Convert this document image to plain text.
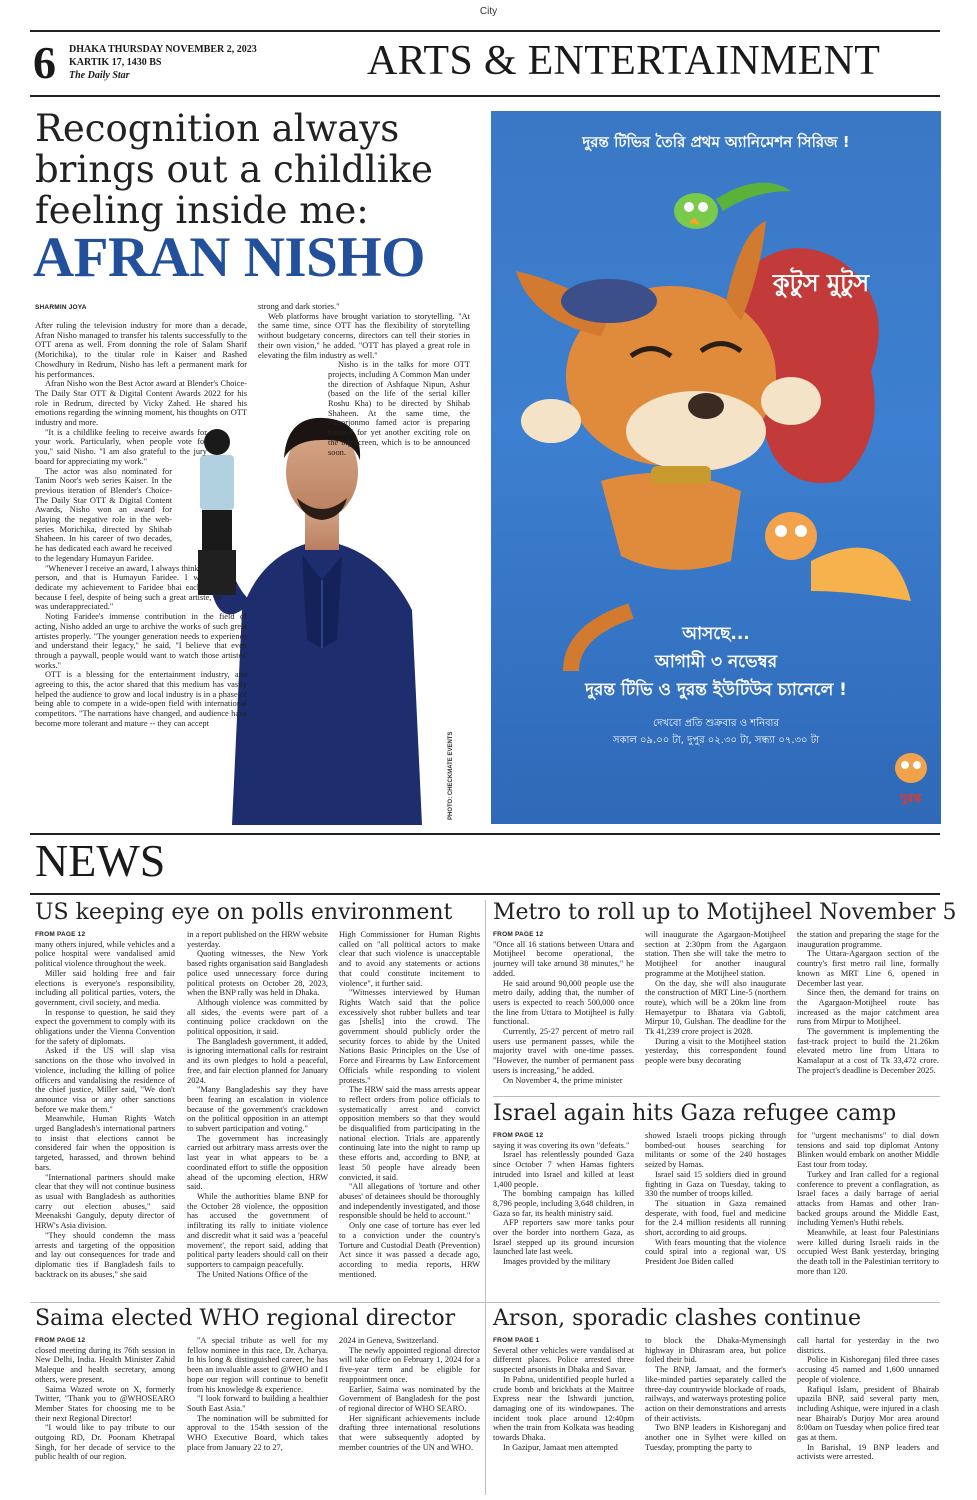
City
6 DHAKA THURSDAY NOVEMBER 2, 2023
KARTIK 17, 1430 BS
The Daily Star	ARTS & ENTERTAINMENT
Recognition always
brings out a childlike
feeling inside me:
AFRAN NISHO
SHARMIN JOYA
PHOTO: CHECKMATE EVENTS

After ruling the television industry for more than a decade, Afran Nisho managed to transfer his talents successfully to the OTT arena as well. From donning the role of Salam Sharif (Morichika), to the titular role in Kaiser and Rashed Chowdhury in Redrum, Nisho has left a permanent mark for his performances.

Afran Nisho won the Best Actor award at Blender's Choice-The Daily Star OTT & Digital Content Awards 2022 for his role in Redrum, directed by Vicky Zahed. He shared his emotions regarding the winning moment, his thoughts on OTT industry and more.

"It is a childlike feeling to receive awards for your work. Particularly, when people vote for you," said Nisho. "I am also grateful to the jury board for appreciating my work."

The actor was also nominated for Tanim Noor's web series Kaiser. In the previous iteration of Blender's Choice-The Daily Star OTT & Digital Content Awards, Nisho won an award for playing the negative role in the web-series Morichika, directed by Shihab Shaheen. In his career of two decades, he has dedicated each award he received to the legendary Humayun Faridee.

"Whenever I receive an award, I always think of one person, and that is Humayun Faridee. I want to dedicate my achievement to Faridee bhai each time, because I feel, despite of being such a great artiste, he was underappreciated."

Noting Faridee's immense contribution in the field of acting, Nisho added an urge to archive the works of such great artistes properly. "The younger generation needs to experience and understand their legacy," he said, "I believe that even through a paywall, people would want to watch those artistes' works."

OTT is a blessing for the entertainment industry, and agreeing to this, the actor shared that this medium has vastly helped the audience to grow and local industry is in a phase of being able to compete in a wide-open field with international competitors. "The narrations have changed, and audience have become more tolerant and mature -- they can accept

strong and dark stories."

Web platforms have brought variation to storytelling. "At the same time, since OTT has the flexibility of storytelling without budgetary concerns, directors can tell their stories in their own vision," he added. "OTT has played a great role in elevating the film industry as well."

Nisho is in the talks for more OTT projects, including A Common Man under the direction of Ashfaque Nipun, Ashur (based on the life of the serial killer Roshu Kha) to be directed by Shihab Shaheen. At the same time, the Punorjonmo famed actor is preparing himself for yet another exciting role on the big screen, which is to be announced soon.

দুরন্ত টিভির তৈরি প্রথম অ্যানিমেশন সিরিজ !
কুটুস মুটুস
আসছে...
আগামী ৩ নভেম্বর
দুরন্ত টিভি ও দুরন্ত ইউটিউব চ্যানেলে !
দেখবো প্রতি শুক্রবার ও শনিবার
সকাল ০৯.০০ টা, দুপুর ০২.৩০ টা, সন্ধ্যা ০৭.৩০ টা
দুরন্ত
NEWS
US keeping eye on polls environment
FROM PAGE 12

many others injured, while vehicles and a police hospital were vandalised amid political violence throughout the week.

Miller said holding free and fair elections is everyone's responsibility, including all political parties, voters, the government, civil society, and media.

In response to question, he said they expect the government to comply with its obligations under the Vienna Convention for the safety of diplomats.

Asked if the US will slap visa sanctions on the those who involved in violence, including the killing of police officers and vandalising the residence of the chief justice, Miller said, "We don't announce visa or any other sanctions before we make them."

Meanwhile, Human Rights Watch urged Bangladesh's international partners to insist that elections cannot be considered fair when the opposition is targeted, harassed, and thrown behind bars.

"International partners should make clear that they will not continue business as usual with Bangladesh as authorities carry out election abuses," said Meenakshi Ganguly, deputy director of HRW's Asia division.

"They should condemn the mass arrests and targeting of the opposition and lay out consequences for trade and diplomatic ties if Bangladesh fails to backtrack on its abuses," she said

in a report published on the HRW website yesterday.

Quoting witnesses, the New York based rights organisation said Bangladesh police used unnecessary force during political protests on October 28, 2023, when the BNP rally was held in Dhaka.

Although violence was committed by all sides, the events were part of a continuing police crackdown on the political opposition, it said.

The Bangladesh government, it added, is ignoring international calls for restraint and its own pledges to hold a peaceful, free, and fair election planned for January 2024.

"Many Bangladeshis say they have been fearing an escalation in violence because of the government's crackdown on the political opposition in an attempt to subvert participation and voting."

The government has increasingly carried out arbitrary mass arrests over the last year in what appears to be a coordinated effort to stifle the opposition ahead of the upcoming election, HRW said.

While the authorities blame BNP for the October 28 violence, the opposition has accused the government of infiltrating its rally to initiate violence and discredit what it said was a 'peaceful movement', the report said, adding that political party leaders should call on their supporters to campaign peacefully.

The United Nations Office of the

High Commissioner for Human Rights called on "all political actors to make clear that such violence is unacceptable and to avoid any statements or actions that could constitute incitement to violence", it further said.

"Witnesses interviewed by Human Rights Watch said that the police excessively shot rubber bullets and tear gas [shells] into the crowd. The government should publicly order the security forces to abide by the United Nations Basic Principles on the Use of Force and Firearms by Law Enforcement Officials while responding to violent protests."

The HRW said the mass arrests appear to reflect orders from police officials to systematically arrest and convict opposition members so that they would be disqualified from participating in the national election. Trials are apparently continuing late into the night to ramp up these efforts and, according to BNP, at least 50 people have already been convicted, it said.

"All allegations of 'torture and other abuses' of detainees should be thoroughly and independently investigated, and those responsible should be held to account."

Only one case of torture has ever led to a conviction under the country's Torture and Custodial Death (Prevention) Act since it was passed a decade ago, according to media reports, HRW mentioned.

Metro to roll up to Motijheel November 5
FROM PAGE 12

"Once all 16 stations between Uttara and Motijheel become operational, the journey will take around 38 minutes," he added.

He said around 90,000 people use the metro daily, adding that, the number of users is expected to reach 500,000 once the line from Uttara to Motijheel is fully functional.

Currently, 25-27 percent of metro rail users use permanent passes, while the majority travel with one-time passes. "However, the number of permanent pass users is increasing," he added.

On November 4, the prime minister

will inaugurate the Agargaon-Motijheel section at 2:30pm from the Agargaon station. Then she will take the metro to Motijheel for another inaugural programme at the Motijheel station.

On the day, she will also inaugurate the construction of MRT Line-5 (northern route), which will be a 20km line from Hemayetpur to Bhatara via Gabtoli, Mirpur 10, Gulshan. The deadline for the Tk 41,239 crore project is 2028.

During a visit to the Motijheel station yesterday, this correspondent found people were busy decorating

the station and preparing the stage for the inauguration programme.

The Uttara-Agargaon section of the country's first metro rail line, formally known as MRT Line 6, opened in December last year.

Since then, the demand for trains on the Agargaon-Motijheel route has increased as the major catchment area runs from Mirpur to Motijheel.

The government is implementing the fast-track project to build the 21.26km elevated metro line from Uttara to Kamalapur at a cost of Tk 33,472 crore. The project's deadline is December 2025.

Israel again hits Gaza refugee camp
FROM PAGE 12

saying it was covering its own "defeats."

Israel has relentlessly pounded Gaza since October 7 when Hamas fighters intruded into Israel and killed at least 1,400 people.

The bombing campaign has killed 8,796 people, including 3,648 children, in Gaza so far, its health ministry said.

AFP reporters saw more tanks pour over the border into northern Gaza, as Israel stepped up its ground incursion launched late last week.

Images provided by the military

showed Israeli troops picking through bombed-out houses searching for militants or some of the 240 hostages seized by Hamas.

Israel said 15 soldiers died in ground fighting in Gaza on Tuesday, taking to 330 the number of troops killed.

The situation in Gaza remained desperate, with food, fuel and medicine for the 2.4 million residents all running short, according to aid groups.

With fears mounting that the violence could spiral into a regional war, US President Joe Biden called

for "urgent mechanisms" to dial down tensions and said top diplomat Antony Blinken would embark on another Middle East tour from today.

Turkey and Iran called for a regional conference to prevent a conflagration, as Israel faces a daily barrage of aerial attacks from Hamas and other Iran-backed groups around the Middle East, including Yemen's Huthi rebels.

Meanwhile, at least four Palestinians were killed during Israeli raids in the occupied West Bank yesterday, bringing the death toll in the Palestinian territory to more than 120.

Saima elected WHO regional director
FROM PAGE 12

closed meeting during its 76th session in New Delhi, India. Health Minister Zahid Maleque and health secretary, among others, were present.

Saima Wazed wrote on X, formerly Twitter, "Thank you to @WHOSEARO Member States for choosing me to be their next Regional Director!

"I would like to pay tribute to our outgoing RD, Dr. Poonam Khetrapal Singh, for her decade of service to the public health of our region.

"A special tribute as well for my fellow nominee in this race, Dr. Acharya. In his long & distinguished career, he has been an invaluable asset to @WHO and I hope our region will continue to benefit from his knowledge & experience.

"I look forward to building a healthier South East Asia."

The nomination will be submitted for approval to the 154th session of the WHO Executive Board, which takes place from January 22 to 27,

2024 in Geneva, Switzerland.

The newly appointed regional director will take office on February 1, 2024 for a five-year term and be eligible for reappointment once.

Earlier, Saima was nominated by the Government of Bangladesh for the post of regional director of WHO SEARO.

Her significant achievements include drafting three international resolutions that were subsequently adopted by member countries of the UN and WHO.

Arson, sporadic clashes continue
FROM PAGE 1

Several other vehicles were vandalised at different places. Police arrested three suspected arsonists in Dhaka and Savar.

In Pabna, unidentified people hurled a crude bomb and brickbats at the Maitree Express near the Ishwardi junction, damaging one of its windowpanes. The incident took place around 12:40pm when the train from Kolkata was heading towards Dhaka.

In Gazipur, Jamaat men attempted

to block the Dhaka-Mymensingh highway in Dhirasram area, but police foiled their bid.

The BNP, Jamaat, and the former's like-minded parties separately called the three-day countrywide blockade of roads, railways, and waterways protesting police action on their demonstrations and arrests of their activists.

Two BNP leaders in Kishoreganj and another one in Sylhet were killed on Tuesday, prompting the party to

call hartal for yesterday in the two districts.

Police in Kishoreganj filed three cases accusing 45 named and 1,600 unnamed people of violence.

Rafiqul Islam, president of Bhairab upazila BNP, said several party men, including Ashique, were injured in a clash near Bhairab's Durjoy Mor area around 8:00am on Tuesday when police fired tear gas at them.

In Barishal, 19 BNP leaders and activists were arrested.
